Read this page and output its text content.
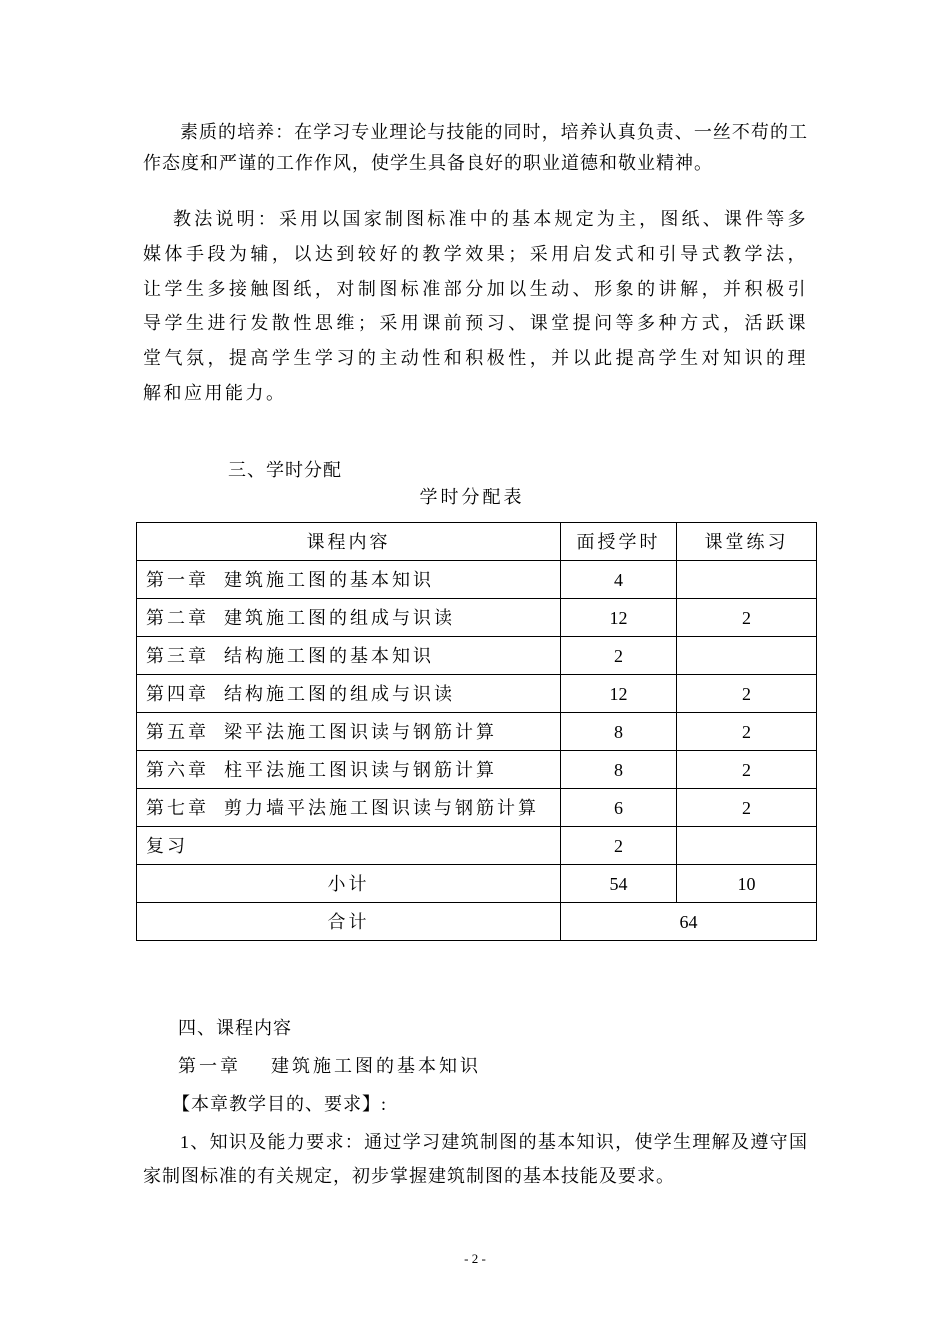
素质的培养：在学习专业理论与技能的同时，培养认真负责、一丝不苟的工
作态度和严谨的工作作风，使学生具备良好的职业道德和敬业精神。
教法说明：采用以国家制图标准中的基本规定为主，图纸、课件等多
媒体手段为辅，以达到较好的教学效果；采用启发式和引导式教学法，
让学生多接触图纸，对制图标准部分加以生动、形象的讲解，并积极引
导学生进行发散性思维；采用课前预习、课堂提问等多种方式，活跃课
堂气氛，提高学生学习的主动性和积极性，并以此提高学生对知识的理
解和应用能力。
三、学时分配
学时分配表
课程内容	面授学时	课堂练习
第一章  建筑施工图的基本知识	4	
第二章  建筑施工图的组成与识读	12	2
第三章  结构施工图的基本知识	2	
第四章  结构施工图的组成与识读	12	2
第五章  梁平法施工图识读与钢筋计算	8	2
第六章  柱平法施工图识读与钢筋计算	8	2
第七章  剪力墙平法施工图识读与钢筋计算	6	2
复习	2	
小计	54	10
合计	64	
四、课程内容
第一章    建筑施工图的基本知识
【本章教学目的、要求】:
1、知识及能力要求：通过学习建筑制图的基本知识，使学生理解及遵守国
家制图标准的有关规定，初步掌握建筑制图的基本技能及要求。
- 2 -
